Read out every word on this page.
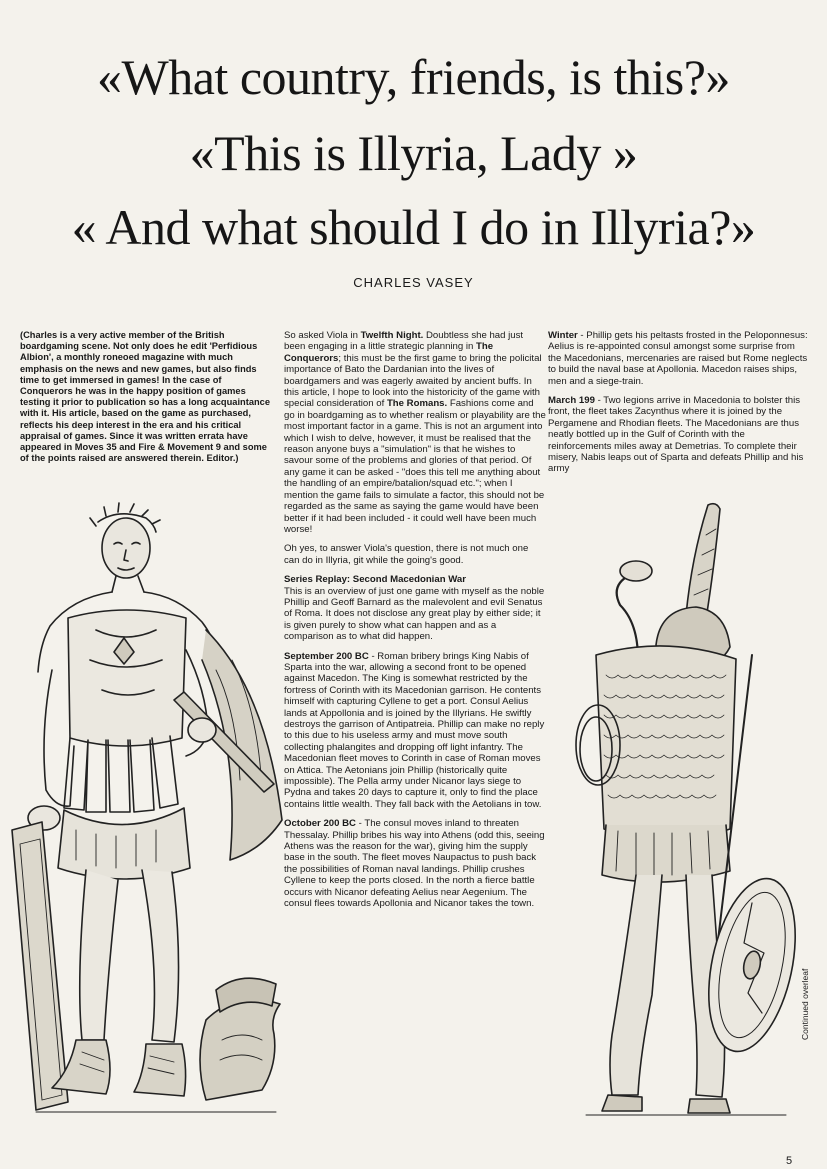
«What country, friends, is this?»
«This is Illyria, Lady »
« And what should I do in Illyria?»
CHARLES VASEY

(Charles is a very active member of the British boardgaming scene. Not only does he edit 'Perfidious Albion', a monthly roneoed magazine with much emphasis on the news and new games, but also finds time to get immersed in games! In the case of Conquerors he was in the happy position of games testing it prior to publication so has a long acquaintance with it. His article, based on the game as purchased, reflects his deep interest in the era and his critical appraisal of games. Since it was written errata have appeared in Moves 35 and Fire & Movement 9 and some of the points raised are answered therein. Editor.)

So asked Viola in Twelfth Night. Doubtless she had just been engaging in a little strategic planning in The Conquerors; this must be the first game to bring the policital importance of Bato the Dardanian into the lives of boardgamers and was eagerly awaited by ancient buffs. In this article, I hope to look into the historicity of the game with special consideration of The Romans. Fashions come and go in boardgaming as to whether realism or playability are the most important factor in a game. This is not an argument into which I wish to delve, however, it must be realised that the reason anyone buys a "simulation" is that he wishes to savour some of the problems and glories of that period. Of any game it can be asked - "does this tell me anything about the handling of an empire/batalion/squad etc."; when I mention the game fails to simulate a factor, this should not be regarded as the same as saying the game would have been better if it had been included - it could well have been much worse!

Oh yes, to answer Viola's question, there is not much one can do in Illyria, git while the going's good.

Series Replay: Second Macedonian War
This is an overview of just one game with myself as the noble Phillip and Geoff Barnard as the malevolent and evil Senatus of Roma. It does not disclose any great play by either side; it is given purely to show what can happen and as a comparison as to what did happen.

September 200 BC - Roman bribery brings King Nabis of Sparta into the war, allowing a second front to be opened against Macedon. The King is somewhat restricted by the fortress of Corinth with its Macedonian garrison. He contents himself with capturing Cyllene to get a port. Consul Aelius lands at Appollonia and is joined by the Illyrians. He swiftly destroys the garrison of Antipatreia. Phillip can make no reply to this due to his useless army and must move south collecting phalangites and dropping off light infantry. The Macedonian fleet moves to Corinth in case of Roman moves on Attica. The Aetonians join Phillip (historically quite impossible). The Pella army under Nicanor lays siege to Pydna and takes 20 days to capture it, only to find the place contains little wealth. They fall back with the Aetolians in tow.

October 200 BC - The consul moves inland to threaten Thessalay. Phillip bribes his way into Athens (odd this, seeing Athens was the reason for the war), giving him the supply base in the south. The fleet moves Naupactus to push back the possibilities of Roman naval landings. Phillip crushes Cyllene to keep the ports closed. In the north a fierce battle occurs with Nicanor defeating Aelius near Aegenium. The consul flees towards Apollonia and Nicanor takes the town.

Winter - Phillip gets his peltasts frosted in the Peloponnesus: Aelius is re-appointed consul amongst some surprise from the Macedonians, mercenaries are raised but Rome neglects to build the naval base at Apollonia. Macedon raises ships, men and a siege-train.

March 199 - Two legions arrive in Macedonia to bolster this front, the fleet takes Zacynthus where it is joined by the Pergamene and Rhodian fleets. The Macedonians are thus neatly bottled up in the Gulf of Corinth with the reinforcements miles away at Demetrias. To complete their misery, Nabis leaps out of Sparta and defeats Phillip and his army

Continued overleaf
5
